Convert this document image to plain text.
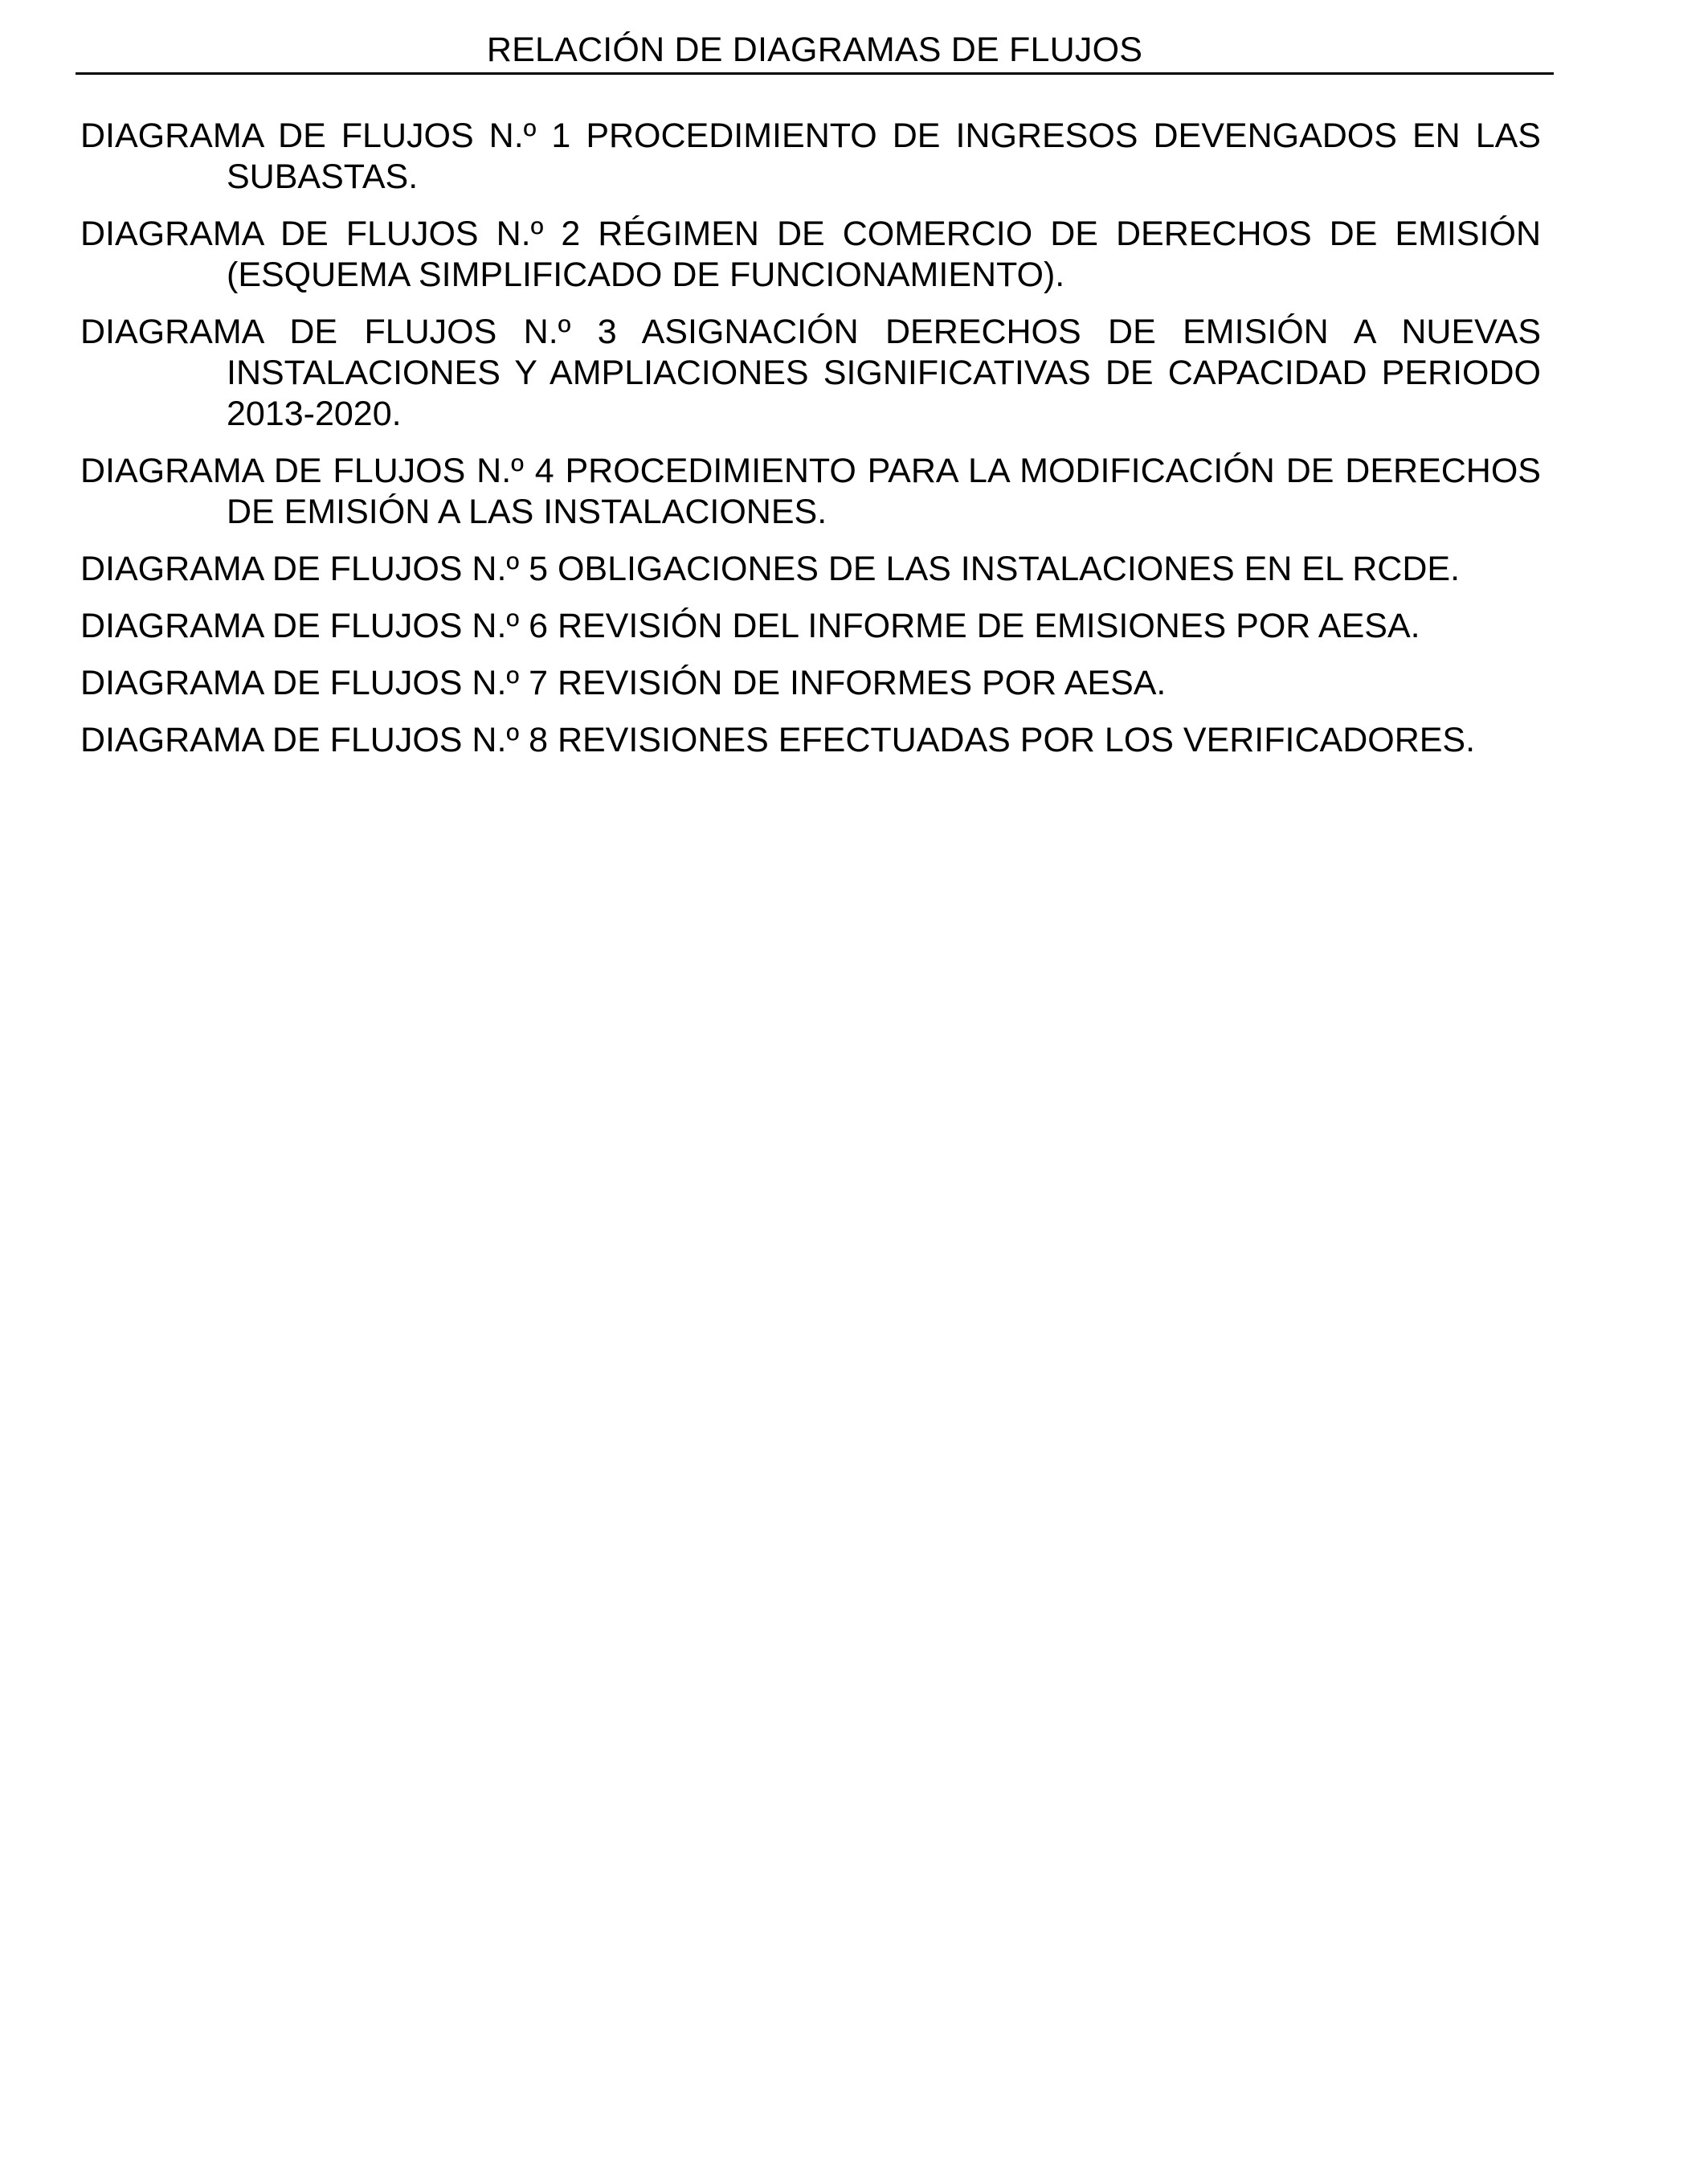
RELACIÓN DE DIAGRAMAS DE FLUJOS
DIAGRAMA DE FLUJOS N.º 1 PROCEDIMIENTO DE INGRESOS DEVENGADOS EN LAS SUBASTAS.
DIAGRAMA DE FLUJOS N.º 2 RÉGIMEN DE COMERCIO DE DERECHOS DE EMISIÓN (ESQUEMA SIMPLIFICADO DE FUNCIONAMIENTO).
DIAGRAMA DE FLUJOS N.º 3 ASIGNACIÓN DERECHOS DE EMISIÓN A NUEVAS INSTALACIONES Y AMPLIACIONES SIGNIFICATIVAS DE CAPACIDAD PERIODO 2013-2020.
DIAGRAMA DE FLUJOS N.º 4 PROCEDIMIENTO PARA LA MODIFICACIÓN DE DERECHOS DE EMISIÓN A LAS INSTALACIONES.
DIAGRAMA DE FLUJOS N.º 5 OBLIGACIONES DE LAS INSTALACIONES EN EL RCDE.
DIAGRAMA DE FLUJOS N.º 6 REVISIÓN DEL INFORME DE EMISIONES POR AESA.
DIAGRAMA DE FLUJOS N.º 7 REVISIÓN DE INFORMES POR AESA.
DIAGRAMA DE FLUJOS N.º 8 REVISIONES EFECTUADAS POR LOS VERIFICADORES.
